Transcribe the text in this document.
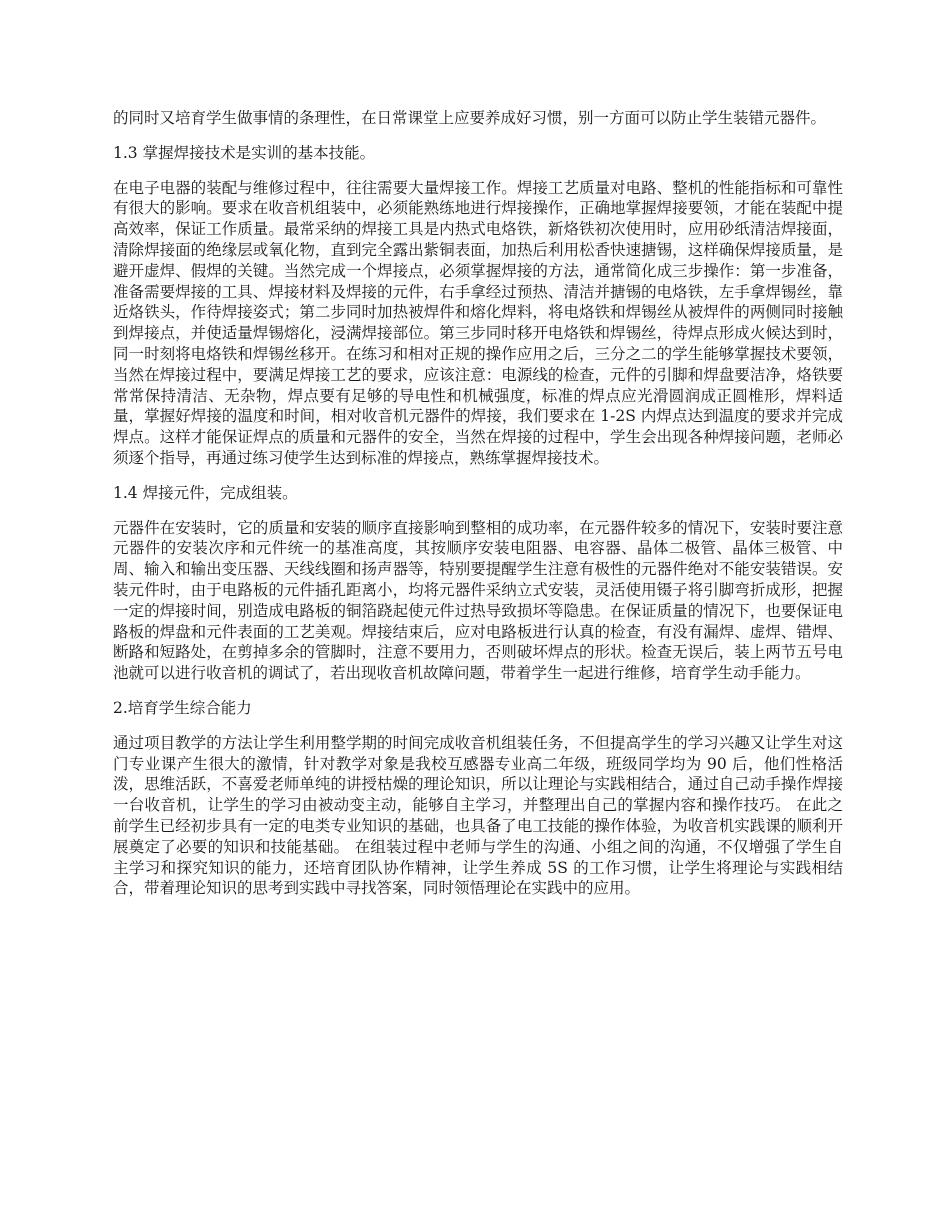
的同时又培育学生做事情的条理性，在日常课堂上应要养成好习惯，别一方面可以防止学生装错元器件。

1.3 掌握焊接技术是实训的基本技能。

在电子电器的装配与维修过程中，往往需要大量焊接工作。焊接工艺质量对电路、整机的性能指标和可靠性有很大的影响。要求在收音机组装中，必须能熟练地进行焊接操作，正确地掌握焊接要领，才能在装配中提高效率，保证工作质量。最常采纳的焊接工具是内热式电烙铁，新烙铁初次使用时，应用砂纸清洁焊接面，清除焊接面的绝缘层或氧化物，直到完全露出紫铜表面，加热后利用松香快速搪锡，这样确保焊接质量，是避开虚焊、假焊的关键。当然完成一个焊接点，必须掌握焊接的方法，通常简化成三步操作：第一步准备，准备需要焊接的工具、焊接材料及焊接的元件，右手拿经过预热、清洁并搪锡的电烙铁，左手拿焊锡丝，靠近烙铁头，作待焊接姿式；第二步同时加热被焊件和熔化焊料，将电烙铁和焊锡丝从被焊件的两侧同时接触到焊接点，并使适量焊锡熔化，浸满焊接部位。第三步同时移开电烙铁和焊锡丝，待焊点形成火候达到时，同一时刻将电烙铁和焊锡丝移开。在练习和相对正规的操作应用之后，三分之二的学生能够掌握技术要领，当然在焊接过程中，要满足焊接工艺的要求，应该注意：电源线的检查，元件的引脚和焊盘要洁净，烙铁要常常保持清洁、无杂物，焊点要有足够的导电性和机械强度，标准的焊点应光滑圆润成正圆椎形，焊料适量，掌握好焊接的温度和时间，相对收音机元器件的焊接，我们要求在 1-2S 内焊点达到温度的要求并完成焊点。这样才能保证焊点的质量和元器件的安全，当然在焊接的过程中，学生会出现各种焊接问题，老师必须逐个指导，再通过练习使学生达到标准的焊接点，熟练掌握焊接技术。

1.4 焊接元件，完成组装。

元器件在安装时，它的质量和安装的顺序直接影响到整相的成功率，在元器件较多的情况下，安装时要注意元器件的安装次序和元件统一的基准高度，其按顺序安装电阻器、电容器、晶体二极管、晶体三极管、中周、输入和输出变压器、天线线圈和扬声器等，特别要提醒学生注意有极性的元器件绝对不能安装错误。安装元件时，由于电路板的元件插孔距离小，均将元器件采纳立式安装，灵活使用镊子将引脚弯折成形，把握一定的焊接时间，别造成电路板的铜箔跷起使元件过热导致损坏等隐患。在保证质量的情况下，也要保证电路板的焊盘和元件表面的工艺美观。焊接结束后，应对电路板进行认真的检查，有没有漏焊、虚焊、错焊、断路和短路处，在剪掉多余的管脚时，注意不要用力，否则破坏焊点的形状。检查无误后，装上两节五号电池就可以进行收音机的调试了，若出现收音机故障问题，带着学生一起进行维修，培育学生动手能力。

2.培育学生综合能力

通过项目教学的方法让学生利用整学期的时间完成收音机组装任务，不但提高学生的学习兴趣又让学生对这门专业课产生很大的激情，针对教学对象是我校互感器专业高二年级，班级同学均为 90 后，他们性格活泼，思维活跃，不喜爱老师单纯的讲授枯燥的理论知识，所以让理论与实践相结合，通过自己动手操作焊接一台收音机，让学生的学习由被动变主动，能够自主学习，并整理出自己的掌握内容和操作技巧。 在此之前学生已经初步具有一定的电类专业知识的基础，也具备了电工技能的操作体验，为收音机实践课的顺利开展奠定了必要的知识和技能基础。 在组装过程中老师与学生的沟通、小组之间的沟通，不仅增强了学生自主学习和探究知识的能力，还培育团队协作精神，让学生养成 5S 的工作习惯，让学生将理论与实践相结合，带着理论知识的思考到实践中寻找答案，同时领悟理论在实践中的应用。
